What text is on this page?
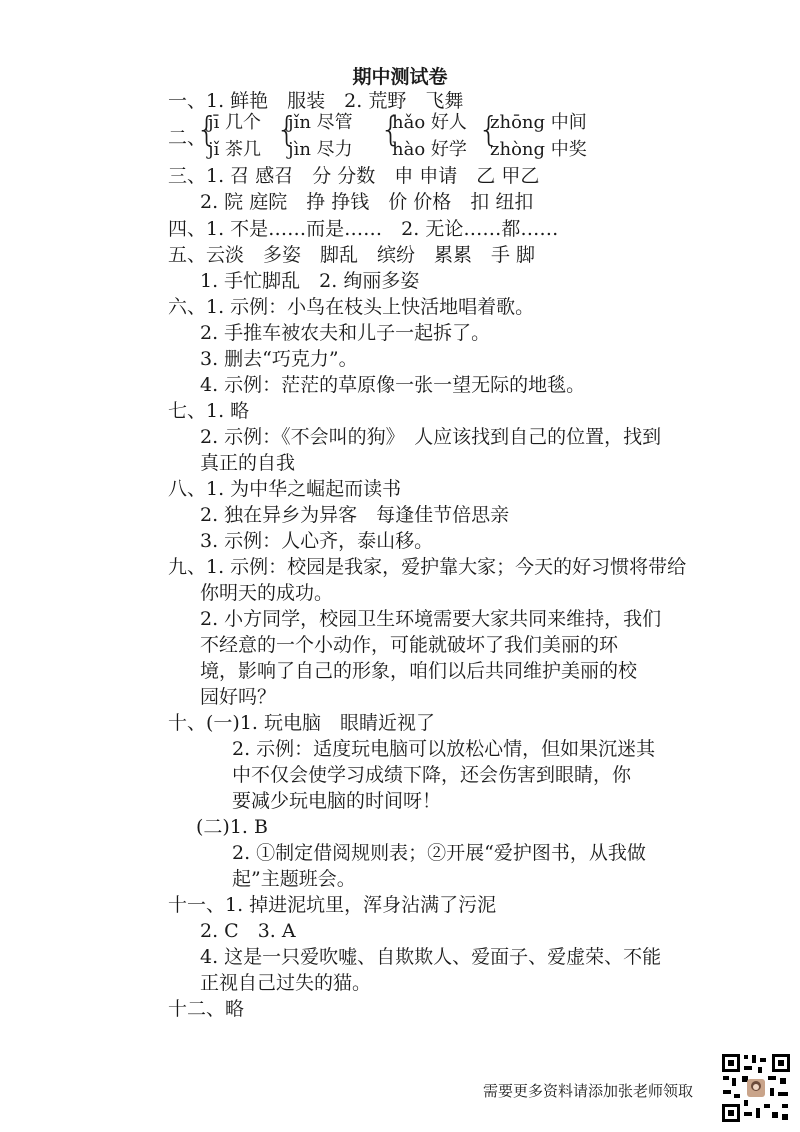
期中测试卷
一、1. 鲜艳　服装　2. 荒野　飞舞
二、
{
jī 几个
jǐ 茶几 {
jǐn 尽管
jìn 尽力 {
hǎo 好人
hào 好学 {
zhōng 中间
zhòng 中奖
三、1. 召 感召　分 分数　申 申请　乙 甲乙
2. 院 庭院　挣 挣钱　价 价格　扣 纽扣
四、1. 不是……而是……　2. 无论……都……
五、云淡　多姿　脚乱　缤纷　累累　手 脚
1. 手忙脚乱　2. 绚丽多姿
六、1. 示例：小鸟在枝头上快活地唱着歌。
2. 手推车被农夫和儿子一起拆了。
3. 删去“巧克力”。
4. 示例：茫茫的草原像一张一望无际的地毯。
七、1. 略
2. 示例：《不会叫的狗》　人应该找到自己的位置，找到
真正的自我
八、1. 为中华之崛起而读书
2. 独在异乡为异客　每逢佳节倍思亲
3. 示例：人心齐，泰山移。
九、1. 示例：校园是我家，爱护靠大家；今天的好习惯将带给
你明天的成功。
2. 小方同学，校园卫生环境需要大家共同来维持，我们
不经意的一个小动作，可能就破坏了我们美丽的环
境，影响了自己的形象，咱们以后共同维护美丽的校
园好吗？
十、(一)1. 玩电脑　眼睛近视了
2. 示例：适度玩电脑可以放松心情，但如果沉迷其
中不仅会使学习成绩下降，还会伤害到眼睛，你
要减少玩电脑的时间呀！
(二)1. B
2. ①制定借阅规则表；②开展“爱护图书，从我做
起”主题班会。
十一、1. 掉进泥坑里，浑身沾满了污泥
2. C　3. A
4. 这是一只爱吹嘘、自欺欺人、爱面子、爱虚荣、不能
正视自己过失的猫。
十二、略
需要更多资料请添加张老师领取
